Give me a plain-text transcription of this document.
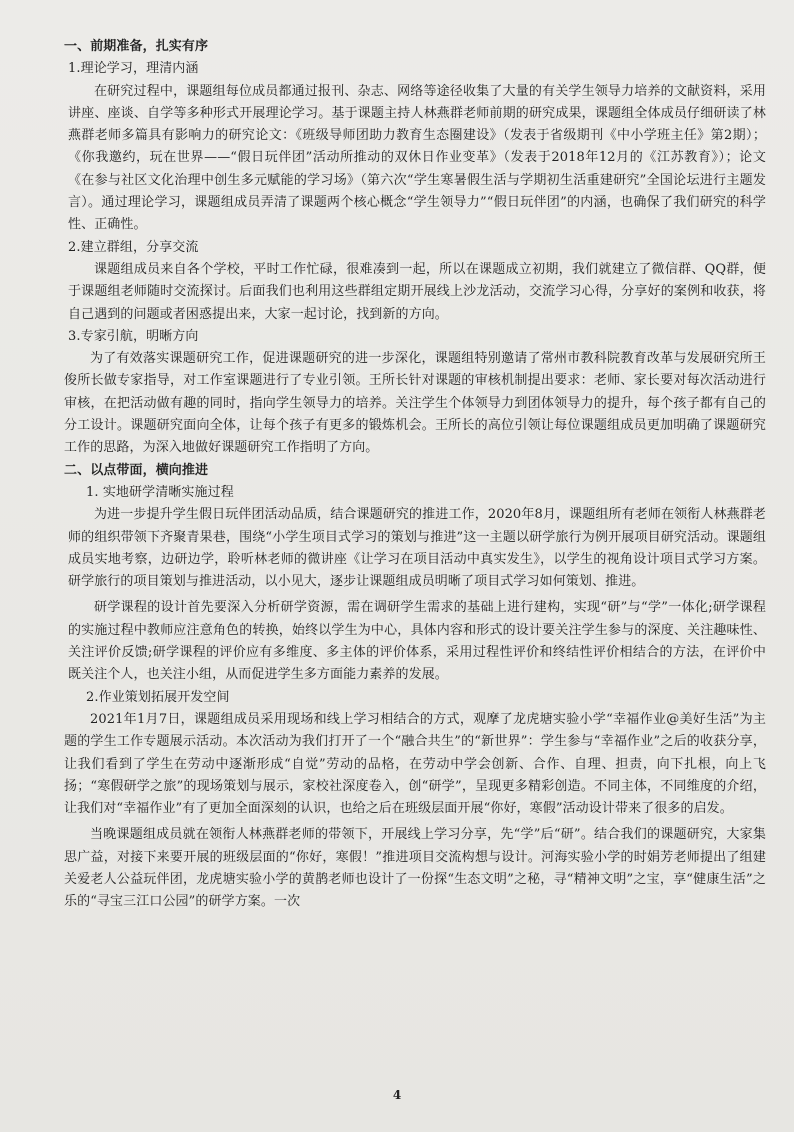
一、前期准备，扎实有序
1.理论学习，理清内涵

在研究过程中，课题组每位成员都通过报刊、杂志、网络等途径收集了大量的有关学生领导力培养的文献资料，采用讲座、座谈、自学等多种形式开展理论学习。基于课题主持人林燕群老师前期的研究成果，课题组全体成员仔细研读了林燕群老师多篇具有影响力的研究论文：《班级导师团助力教育生态圈建设》（发表于省级期刊《中小学班主任》第2期）；《你我邀约，玩在世界——“假日玩伴团”活动所推动的双休日作业变革》（发表于2018年12月的《江苏教育》）；论文《在参与社区文化治理中创生多元赋能的学习场》（第六次“学生寒暑假生活与学期初生活重建研究”全国论坛进行主题发言）。通过理论学习，课题组成员弄清了课题两个核心概念“学生领导力”“假日玩伴团”的内涵，也确保了我们研究的科学性、正确性。

2.建立群组，分享交流

课题组成员来自各个学校，平时工作忙碌，很难凑到一起，所以在课题成立初期，我们就建立了微信群、QQ群，便于课题组老师随时交流探讨。后面我们也利用这些群组定期开展线上沙龙活动，交流学习心得，分享好的案例和收获，将自己遇到的问题或者困惑提出来，大家一起讨论，找到新的方向。

3.专家引航，明晰方向

为了有效落实课题研究工作，促进课题研究的进一步深化，课题组特别邀请了常州市教科院教育改革与发展研究所王俊所长做专家指导，对工作室课题进行了专业引领。王所长针对课题的审核机制提出要求：老师、家长要对每次活动进行审核，在把活动做有趣的同时，指向学生领导力的培养。关注学生个体领导力到团体领导力的提升，每个孩子都有自己的分工设计。课题研究面向全体，让每个孩子有更多的锻炼机会。王所长的高位引领让每位课题组成员更加明确了课题研究工作的思路，为深入地做好课题研究工作指明了方向。

二、以点带面，横向推进
1. 实地研学清晰实施过程

为进一步提升学生假日玩伴团活动品质，结合课题研究的推进工作，2020年8月，课题组所有老师在领衔人林燕群老师的组织带领下齐聚青果巷，围绕“小学生项目式学习的策划与推进”这一主题以研学旅行为例开展项目研究活动。课题组成员实地考察，边研边学，聆听林老师的微讲座《让学习在项目活动中真实发生》，以学生的视角设计项目式学习方案。研学旅行的项目策划与推进活动，以小见大，逐步让课题组成员明晰了项目式学习如何策划、推进。

研学课程的设计首先要深入分析研学资源，需在调研学生需求的基础上进行建构，实现“研”与“学”一体化;研学课程的实施过程中教师应注意角色的转换，始终以学生为中心，具体内容和形式的设计要关注学生参与的深度、关注趣味性、关注评价反馈;研学课程的评价应有多维度、多主体的评价体系，采用过程性评价和终结性评价相结合的方法，在评价中既关注个人，也关注小组，从而促进学生多方面能力素养的发展。

2.作业策划拓展开发空间

2021年1月7日，课题组成员采用现场和线上学习相结合的方式，观摩了龙虎塘实验小学“幸福作业@美好生活”为主题的学生工作专题展示活动。本次活动为我们打开了一个“融合共生”的“新世界”：学生参与“幸福作业”之后的收获分享，让我们看到了学生在劳动中逐渐形成“自觉”劳动的品格，在劳动中学会创新、合作、自理、担责，向下扎根，向上飞扬；“寒假研学之旅”的现场策划与展示，家校社深度卷入，创“研学”，呈现更多精彩创造。不同主体，不同维度的介绍，让我们对“幸福作业”有了更加全面深刻的认识，也给之后在班级层面开展“你好，寒假”活动设计带来了很多的启发。

当晚课题组成员就在领衔人林燕群老师的带领下，开展线上学习分享，先“学”后“研”。结合我们的课题研究，大家集思广益，对接下来要开展的班级层面的“你好，寒假！”推进项目交流构想与设计。河海实验小学的时娟芳老师提出了组建关爱老人公益玩伴团，龙虎塘实验小学的黄鹊老师也设计了一份探“生态文明”之秘，寻“精神文明”之宝，享“健康生活”之乐的“寻宝三江口公园”的研学方案。一次

4
